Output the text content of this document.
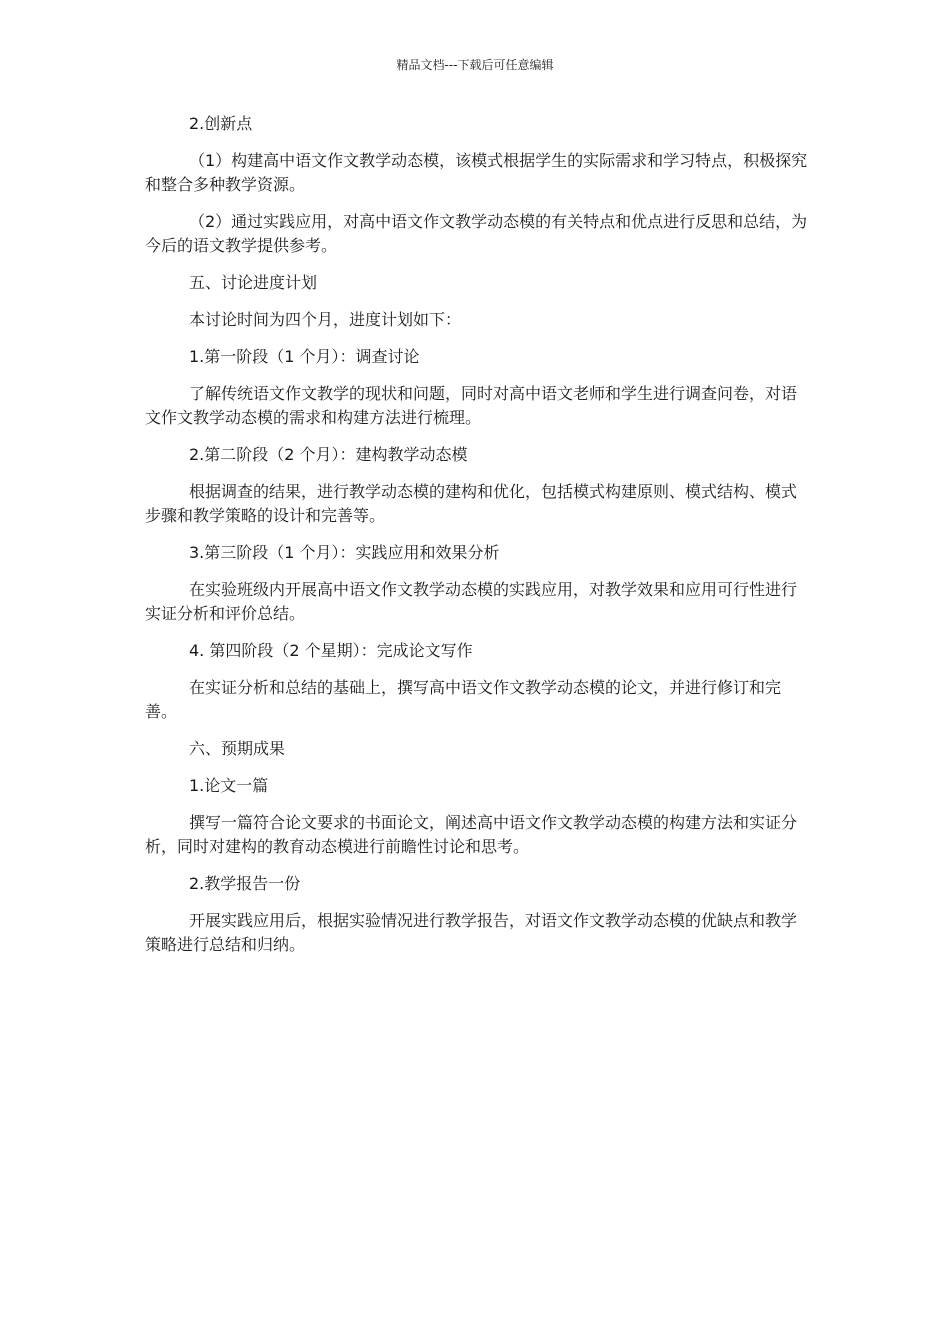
精品文档---下载后可任意编辑

2.创新点

（1）构建高中语文作文教学动态模，该模式根据学生的实际需求和学习特点，积极探究和整合多种教学资源。

（2）通过实践应用，对高中语文作文教学动态模的有关特点和优点进行反思和总结，为今后的语文教学提供参考。

五、讨论进度计划

本讨论时间为四个月，进度计划如下：

1.第一阶段（1 个月）：调查讨论

了解传统语文作文教学的现状和问题，同时对高中语文老师和学生进行调查问卷，对语文作文教学动态模的需求和构建方法进行梳理。

2.第二阶段（2 个月）：建构教学动态模

根据调查的结果，进行教学动态模的建构和优化，包括模式构建原则、模式结构、模式步骤和教学策略的设计和完善等。

3.第三阶段（1 个月）：实践应用和效果分析

在实验班级内开展高中语文作文教学动态模的实践应用，对教学效果和应用可行性进行实证分析和评价总结。

4. 第四阶段（2 个星期）：完成论文写作

在实证分析和总结的基础上，撰写高中语文作文教学动态模的论文，并进行修订和完善。

六、预期成果

1.论文一篇

撰写一篇符合论文要求的书面论文，阐述高中语文作文教学动态模的构建方法和实证分析，同时对建构的教育动态模进行前瞻性讨论和思考。

2.教学报告一份

开展实践应用后，根据实验情况进行教学报告，对语文作文教学动态模的优缺点和教学策略进行总结和归纳。
